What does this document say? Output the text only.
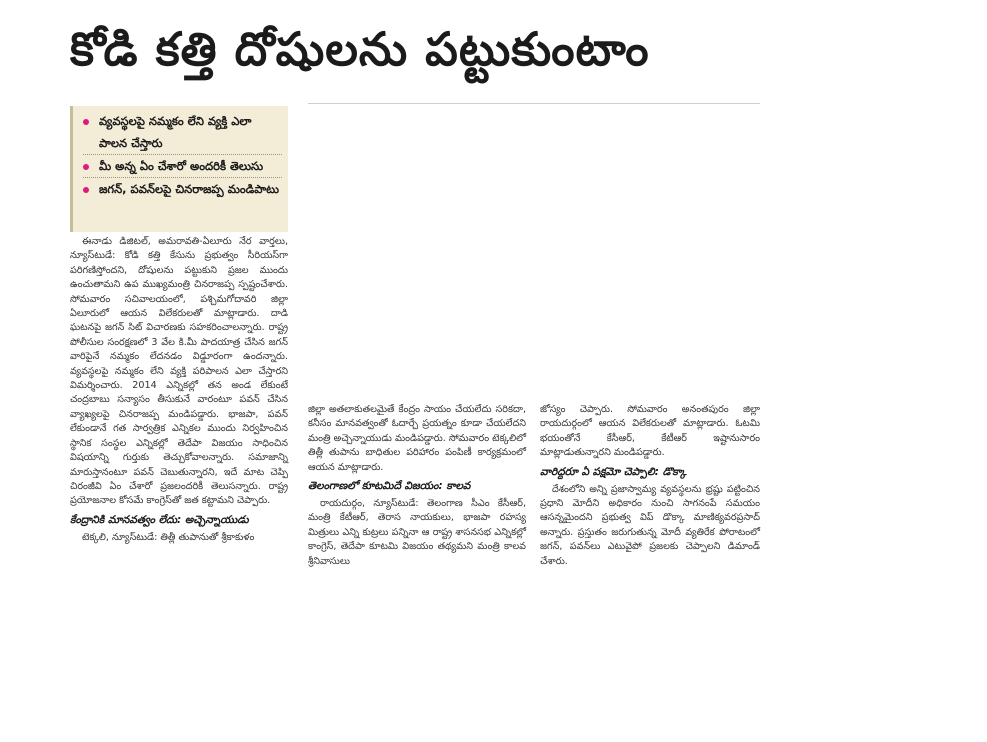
కోడి కత్తి దోషులను పట్టుకుంటాం
వ్యవస్థలపై నమ్మకం లేని వ్యక్తి ఎలా పాలన చేస్తారు
మీ అన్న ఏం చేశారో అందరికీ తెలుసు
జగన్‌, పవన్‌లపై చినరాజప్ప మండిపాటు

ఈనాడు డిజిటల్‌, అమరావతి-ఏలూరు నేర వార్తలు, న్యూస్‌టుడే: కోడి కత్తి కేసును ప్రభుత్వం సీరియస్‌గా పరిగణిస్తోందని, దోషులను పట్టుకుని ప్రజల ముందు ఉంచుతామని ఉప ముఖ్యమంత్రి చినరాజప్ప స్పష్టంచేశారు. సోమవారం సచివాలయంలో, పశ్చిమగోదావరి జిల్లా ఏలూరులో ఆయన విలేకరులతో మాట్లాడారు. దాడి ఘటనపై జగన్‌ సిట్‌ విచారణకు సహకరించాలన్నారు. రాష్ట్ర పోలీసుల సంరక్షణలో 3 వేల కి.మీ పాదయాత్ర చేసిన జగన్‌ వారిపైనే నమ్మకం లేదనడం విడ్డూరంగా ఉందన్నారు. వ్యవస్థలపై నమ్మకం లేని వ్యక్తి పరిపాలన ఎలా చేస్తారని విమర్శించారు. 2014 ఎన్నికల్లో తన అండ లేకుంటే చంద్రబాబు సన్యాసం తీసుకునే వారంటూ పవన్‌ చేసిన వ్యాఖ్యలపై చినరాజప్ప మండిపడ్డారు. భాజపా, పవన్‌ లేకుండానే గత సార్వత్రిక ఎన్నికల ముందు నిర్వహించిన స్థానిక సంస్థల ఎన్నికల్లో తెదేపా విజయం సాధించిన విషయాన్ని గుర్తుకు తెచ్చుకోవాలన్నారు. సమాజాన్ని మారుస్తానంటూ పవన్‌ చెబుతున్నారని, ఇదే మాట చెప్పి చిరంజీవి ఏం చేశారో ప్రజలందరికీ తెలుసన్నారు. రాష్ట్ర ప్రయోజనాల కోసమే కాంగ్రెస్‌తో జత కట్టామని చెప్పారు.

కేంద్రానికి మానవత్వం లేదు: అచ్చెన్నాయుడు

టెక్కలి, న్యూస్‌టుడే: తిత్లీ తుపానుతో శ్రీకాకుళం

జిల్లా అతలాకుతలమైతే కేంద్రం సాయం చేయలేదు సరికదా, కనీసం మానవత్వంతో ఓదార్చే ప్రయత్నం కూడా చేయలేదని మంత్రి అచ్చెన్నాయుడు మండిపడ్డారు. సోమవారం టెక్కలిలో తిత్లీ తుపాను బాధితుల పరిహారం పంపిణీ కార్యక్రమంలో ఆయన మాట్లాడారు.

తెలంగాణలో కూటమిదే విజయం: కాలవ

రాయదుర్గం, న్యూస్‌టుడే: తెలంగాణ సీఎం కేసీఆర్‌, మంత్రి కేటీఆర్‌, తెరాస నాయకులు, భాజపా రహస్య మిత్రులు ఎన్ని కుట్రలు పన్నినా ఆ రాష్ట్ర శాసనసభ ఎన్నికల్లో కాంగ్రెస్‌, తెదేపా కూటమి విజయం తథ్యమని మంత్రి కాలవ శ్రీనివాసులు

జోస్యం చెప్పారు. సోమవారం అనంతపురం జిల్లా రాయదుర్గంలో ఆయన విలేకరులతో మాట్లాడారు. ఓటమి భయంతోనే కేసీఆర్‌, కేటీఆర్‌ ఇష్టానుసారం మాట్లాడుతున్నారని మండిపడ్డారు.

వారిద్దరూ ఏ పక్షమో చెప్పాలి: డొక్కా

దేశంలోని అన్ని ప్రజాస్వామ్య వ్యవస్థలను భ్రష్టు పట్టించిన ప్రధాని మోదీని అధికారం నుంచి సాగనంపే సమయం ఆసన్నమైందని ప్రభుత్వ విప్‌ డొక్కా మాణిక్యవరప్రసాద్‌ అన్నారు. ప్రస్తుతం జరుగుతున్న మోదీ వ్యతిరేక పోరాటంలో జగన్‌, పవన్‌లు ఎటువైపో ప్రజలకు చెప్పాలని డిమాండ్‌ చేశారు.
